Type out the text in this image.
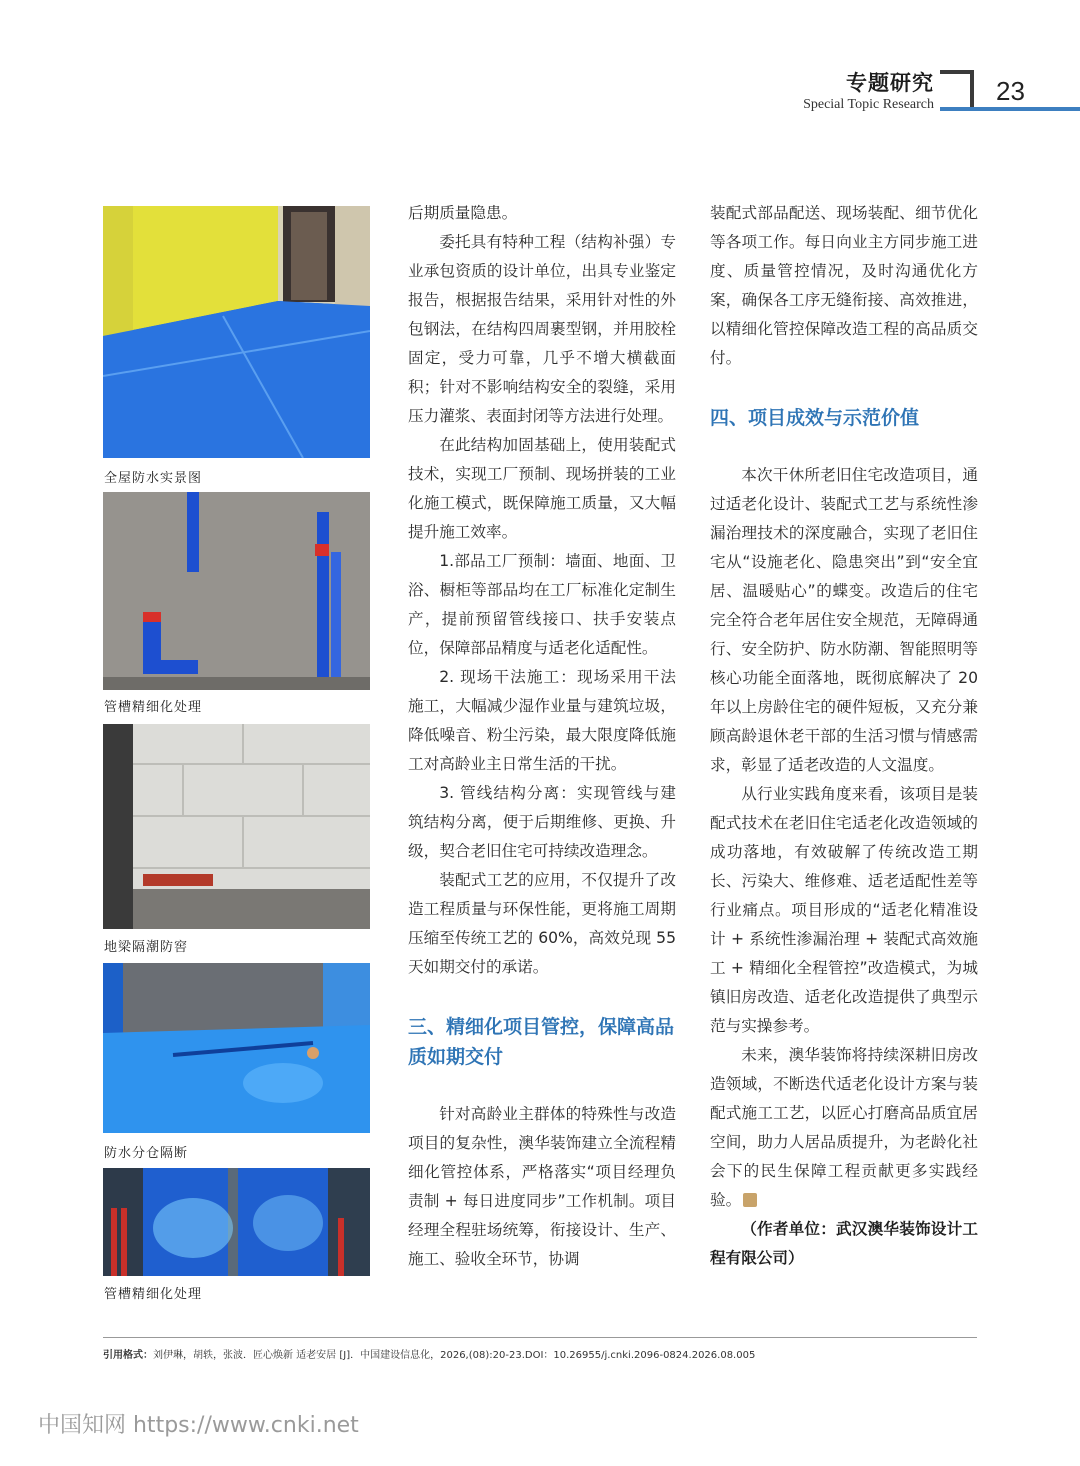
专题研究
Special Topic Research 23
全屋防水实景图
管槽精细化处理
地梁隔潮防窖
防水分仓隔断
管槽精细化处理

后期质量隐患。

委托具有特种工程（结构补强）专业承包资质的设计单位，出具专业鉴定报告，根据报告结果，采用针对性的外包钢法，在结构四周裹型钢，并用胶栓固定，受力可靠，几乎不增大横截面积；针对不影响结构安全的裂缝，采用压力灌浆、表面封闭等方法进行处理。

在此结构加固基础上，使用装配式技术，实现工厂预制、现场拼装的工业化施工模式，既保障施工质量，又大幅提升施工效率。

1.部品工厂预制：墙面、地面、卫浴、橱柜等部品均在工厂标准化定制生产，提前预留管线接口、扶手安装点位，保障部品精度与适老化适配性。

2. 现场干法施工：现场采用干法施工，大幅减少湿作业量与建筑垃圾，降低噪音、粉尘污染，最大限度降低施工对高龄业主日常生活的干扰。

3. 管线结构分离：实现管线与建筑结构分离，便于后期维修、更换、升级，契合老旧住宅可持续改造理念。

装配式工艺的应用，不仅提升了改造工程质量与环保性能，更将施工周期压缩至传统工艺的 60%，高效兑现 55 天如期交付的承诺。

三、精细化项目管控，保障高品质如期交付

针对高龄业主群体的特殊性与改造项目的复杂性，澳华装饰建立全流程精细化管控体系，严格落实“项目经理负责制 + 每日进度同步”工作机制。项目经理全程驻场统筹，衔接设计、生产、施工、验收全环节，协调

装配式部品配送、现场装配、细节优化等各项工作。每日向业主方同步施工进度、质量管控情况，及时沟通优化方案，确保各工序无缝衔接、高效推进，以精细化管控保障改造工程的高品质交付。

四、项目成效与示范价值

本次干休所老旧住宅改造项目，通过适老化设计、装配式工艺与系统性渗漏治理技术的深度融合，实现了老旧住宅从“设施老化、隐患突出”到“安全宜居、温暖贴心”的蝶变。改造后的住宅完全符合老年居住安全规范，无障碍通行、安全防护、防水防潮、智能照明等核心功能全面落地，既彻底解决了 20 年以上房龄住宅的硬件短板，又充分兼顾高龄退休老干部的生活习惯与情感需求，彰显了适老改造的人文温度。

从行业实践角度来看，该项目是装配式技术在老旧住宅适老化改造领域的成功落地，有效破解了传统改造工期长、污染大、维修难、适老适配性差等行业痛点。项目形成的“适老化精准设计 + 系统性渗漏治理 + 装配式高效施工 + 精细化全程管控”改造模式，为城镇旧房改造、适老化改造提供了典型示范与实操参考。

未来，澳华装饰将持续深耕旧房改造领域，不断迭代适老化设计方案与装配式施工工艺，以匠心打磨高品质宜居空间，助力人居品质提升，为老龄化社会下的民生保障工程贡献更多实践经验。

（作者单位：武汉澳华装饰设计工程有限公司）

引用格式：刘伊琳，胡轶，张波．匠心焕新 适老安居 [J]．中国建设信息化，2026,(08):20-23.DOI：10.26955/j.cnki.2096-0824.2026.08.005
中国知网 https://www.cnki.net
